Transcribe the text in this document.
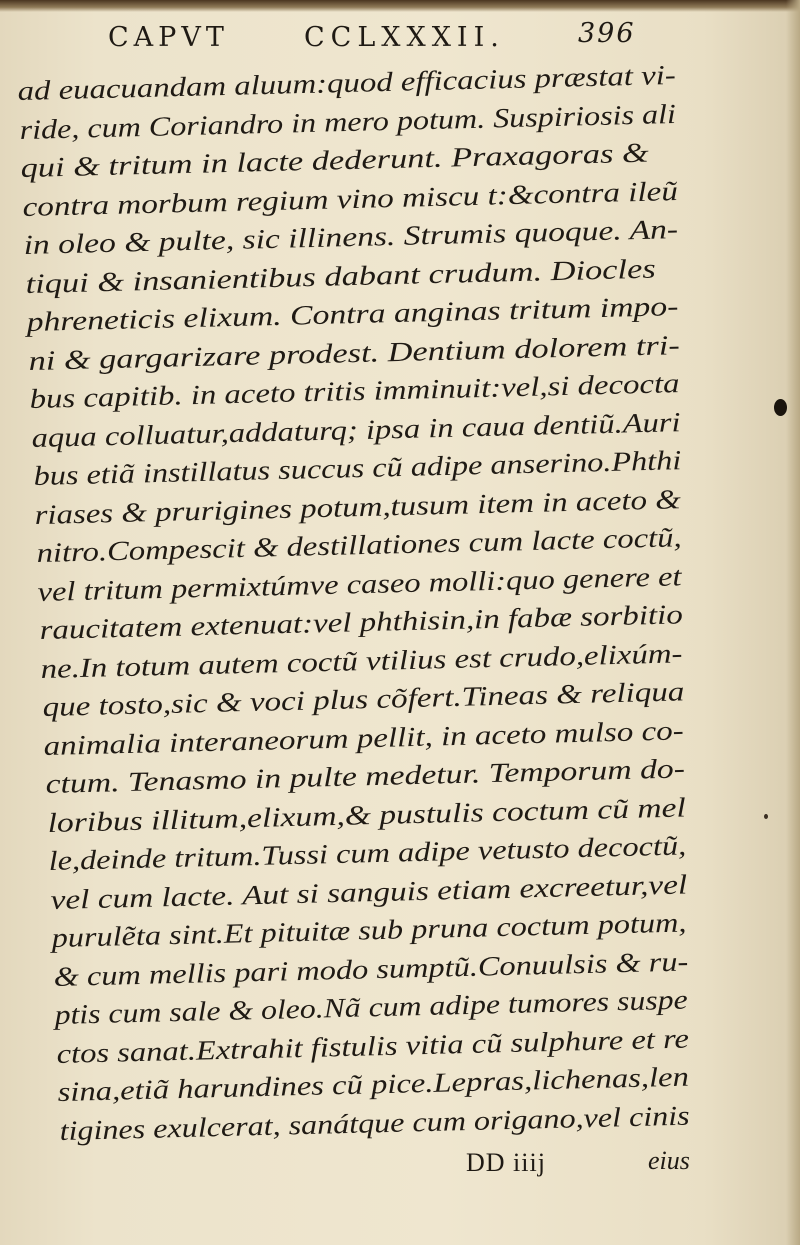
CAPVT	CCLXXXII.	396
ad euacuandam aluum:quod efficacius præstat vi-
ride, cum Coriandro in mero potum. Suspiriosis ali
qui & tritum in lacte dederunt. Praxagoras &
contra morbum regium vino miscu t:&contra ileũ
in oleo & pulte, sic illinens. Strumis quoque. An-
tiqui & insanientibus dabant crudum. Diocles
phreneticis elixum. Contra anginas tritum impo-
ni & gargarizare prodest. Dentium dolorem tri-
bus capitib. in aceto tritis imminuit:vel,si decocta
aqua colluatur,addaturq; ipsa in caua dentiũ.Auri
bus etiã instillatus succus cũ adipe anserino.Phthi
riases & prurigines potum,tusum item in aceto &
nitro.Compescit & destillationes cum lacte coctũ,
vel tritum permixtúmve caseo molli:quo genere et
raucitatem extenuat:vel phthisin,in fabæ sorbitio
ne.In totum autem coctũ vtilius est crudo,elixúm-
que tosto,sic & voci plus cõfert.Tineas & reliqua
animalia interaneorum pellit, in aceto mulso co-
ctum. Tenasmo in pulte medetur. Temporum do-
loribus illitum,elixum,& pustulis coctum cũ mel
le,deinde tritum.Tussi cum adipe vetusto decoctũ,
vel cum lacte. Aut si sanguis etiam excreetur,vel
purulẽta sint.Et pituitæ sub pruna coctum potum,
& cum mellis pari modo sumptũ.Conuulsis & ru-
ptis cum sale & oleo.Nã cum adipe tumores suspe
ctos sanat.Extrahit fistulis vitia cũ sulphure et re
sina,etiã harundines cũ pice.Lepras,lichenas,len
tigines exulcerat, sanátque cum origano,vel cinis
DD iiij	eius
